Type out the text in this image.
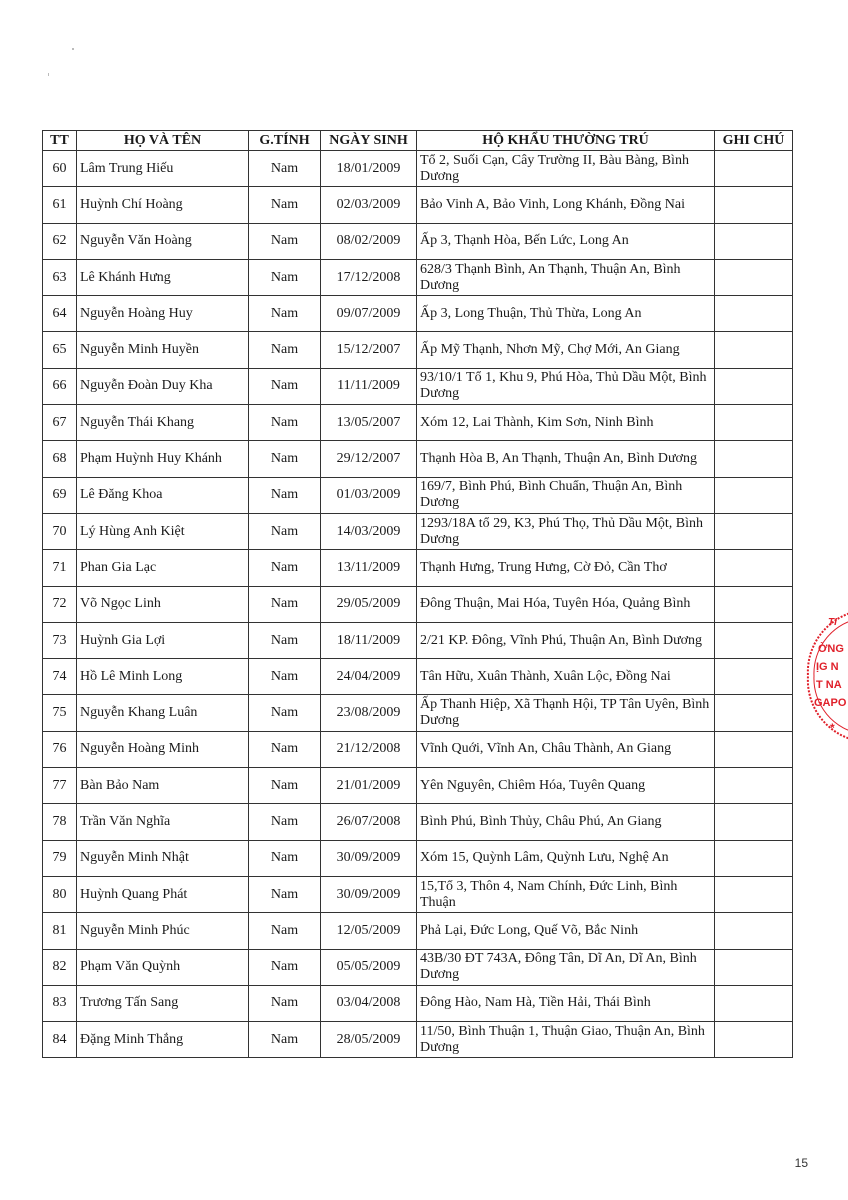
TT	HỌ VÀ TÊN	G.TÍNH	NGÀY SINH	HỘ KHẨU THƯỜNG TRÚ	GHI CHÚ
60	Lâm Trung Hiếu	Nam	18/01/2009	Tổ 2, Suối Cạn, Cây Trường II, Bàu Bàng, Bình Dương	
61	Huỳnh Chí Hoàng	Nam	02/03/2009	Bảo Vinh A, Bảo Vinh, Long Khánh, Đồng Nai	
62	Nguyễn Văn Hoàng	Nam	08/02/2009	Ấp 3, Thạnh Hòa, Bến Lức, Long An	
63	Lê Khánh Hưng	Nam	17/12/2008	628/3 Thạnh Bình, An Thạnh, Thuận An, Bình Dương	
64	Nguyễn Hoàng Huy	Nam	09/07/2009	Ấp 3, Long Thuận, Thủ Thừa, Long An	
65	Nguyễn Minh Huyền	Nam	15/12/2007	Ấp Mỹ Thạnh, Nhơn Mỹ, Chợ Mới, An Giang	
66	Nguyễn Đoàn Duy Kha	Nam	11/11/2009	93/10/1 Tổ 1, Khu 9, Phú Hòa, Thủ Dầu Một, Bình Dương	
67	Nguyễn Thái Khang	Nam	13/05/2007	Xóm 12, Lai Thành, Kim Sơn, Ninh Bình	
68	Phạm Huỳnh Huy Khánh	Nam	29/12/2007	Thạnh Hòa B, An Thạnh, Thuận An, Bình Dương	
69	Lê Đăng Khoa	Nam	01/03/2009	169/7, Bình Phú, Bình Chuẩn, Thuận An, Bình Dương	
70	Lý Hùng Anh Kiệt	Nam	14/03/2009	1293/18A tổ 29, K3, Phú Thọ, Thủ Dầu Một, Bình Dương	
71	Phan Gia Lạc	Nam	13/11/2009	Thạnh Hưng, Trung Hưng, Cờ Đỏ, Cần Thơ	
72	Võ Ngọc Linh	Nam	29/05/2009	Đông Thuận, Mai Hóa, Tuyên Hóa, Quảng Bình	
73	Huỳnh Gia Lợi	Nam	18/11/2009	2/21 KP. Đông, Vĩnh Phú, Thuận An, Bình Dương	
74	Hồ Lê Minh Long	Nam	24/04/2009	Tân Hữu, Xuân Thành, Xuân Lộc, Đồng Nai	
75	Nguyễn Khang Luân	Nam	23/08/2009	Ấp Thanh Hiệp, Xã Thạnh Hội, TP Tân Uyên, Bình Dương	
76	Nguyễn Hoàng Minh	Nam	21/12/2008	Vĩnh Quới, Vĩnh An, Châu Thành, An Giang	
77	Bàn Bảo Nam	Nam	21/01/2009	Yên Nguyên, Chiêm Hóa, Tuyên Quang	
78	Trần Văn Nghĩa	Nam	26/07/2008	Bình Phú, Bình Thủy, Châu Phú, An Giang	
79	Nguyễn Minh Nhật	Nam	30/09/2009	Xóm 15, Quỳnh Lâm, Quỳnh Lưu, Nghệ An	
80	Huỳnh Quang Phát	Nam	30/09/2009	15,Tổ 3, Thôn 4, Nam Chính, Đức Linh, Bình Thuận	
81	Nguyễn Minh Phúc	Nam	12/05/2009	Phả Lại, Đức Long, Quế Võ, Bắc Ninh	
82	Phạm Văn Quỳnh	Nam	05/05/2009	43B/30 ĐT 743A, Đông Tân, Dĩ An, Dĩ An, Bình Dương	
83	Trương Tấn Sang	Nam	03/04/2008	Đông Hào, Nam Hà, Tiền Hải, Thái Bình	
84	Đặng Minh Thắng	Nam	28/05/2009	11/50, Bình Thuận 1, Thuận Giao, Thuận An, Bình Dương	
TI
ỜNG
ỊG N
T NA
GAPO
*
15
